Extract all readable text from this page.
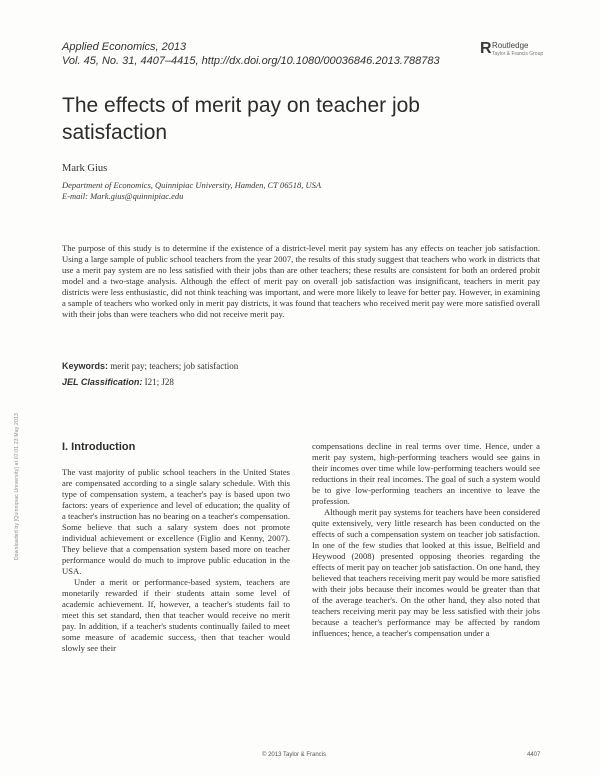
Applied Economics, 2013
Vol. 45, No. 31, 4407–4415, http://dx.doi.org/10.1080/00036846.2013.788783
R Routledge
Taylor & Francis Group
The effects of merit pay on teacher job satisfaction
Mark Gius
Department of Economics, Quinnipiac University, Hamden, CT 06518, USA
E-mail: Mark.gius@quinnipiac.edu
The purpose of this study is to determine if the existence of a district-level merit pay system has any effects on teacher job satisfaction. Using a large sample of public school teachers from the year 2007, the results of this study suggest that teachers who work in districts that use a merit pay system are no less satisfied with their jobs than are other teachers; these results are consistent for both an ordered probit model and a two-stage analysis. Although the effect of merit pay on overall job satisfaction was insignificant, teachers in merit pay districts were less enthusiastic, did not think teaching was important, and were more likely to leave for better pay. However, in examining a sample of teachers who worked only in merit pay districts, it was found that teachers who received merit pay were more satisfied overall with their jobs than were teachers who did not receive merit pay.
Keywords: merit pay; teachers; job satisfaction
JEL Classification: I21; J28
Downloaded by [Quinnipiac University] at 07:01 23 May 2013	I. Introduction

The vast majority of public school teachers in the United States are compensated according to a single salary schedule. With this type of compensation system, a teacher's pay is based upon two factors: years of experience and level of education; the quality of a teacher's instruction has no bearing on a teacher's compensation. Some believe that such a salary system does not promote individual achievement or excellence (Figlio and Kenny, 2007). They believe that a compensation system based more on teacher performance would do much to improve public education in the USA.

Under a merit or performance-based system, teachers are monetarily rewarded if their students attain some level of academic achievement. If, however, a teacher's students fail to meet this set standard, then that teacher would receive no merit pay. In addition, if a teacher's students continually failed to meet some measure of academic success, then that teacher would slowly see their

compensations decline in real terms over time. Hence, under a merit pay system, high-performing teachers would see gains in their incomes over time while low-performing teachers would see reductions in their real incomes. The goal of such a system would be to give low-performing teachers an incentive to leave the profession.

Although merit pay systems for teachers have been considered quite extensively, very little research has been conducted on the effects of such a compensation system on teacher job satisfaction. In one of the few studies that looked at this issue, Belfield and Heywood (2008) presented opposing theories regarding the effects of merit pay on teacher job satisfaction. On one hand, they believed that teachers receiving merit pay would be more satisfied with their jobs because their incomes would be greater than that of the average teacher's. On the other hand, they also noted that teachers receiving merit pay may be less satisfied with their jobs because a teacher's performance may be affected by random influences; hence, a teacher's compensation under a

© 2013 Taylor & Francis	4407
